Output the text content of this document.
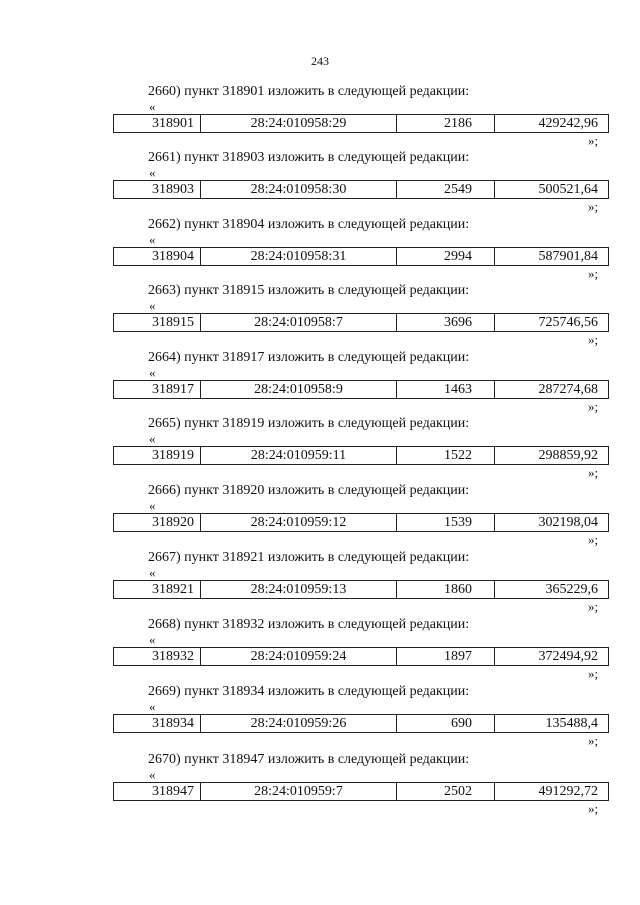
243
2660) пункт 318901 изложить в следующей редакции:
«
318901	28:24:010958:29	2186	429242,96
»;
2661) пункт 318903 изложить в следующей редакции:
«
318903	28:24:010958:30	2549	500521,64
»;
2662) пункт 318904 изложить в следующей редакции:
«
318904	28:24:010958:31	2994	587901,84
»;
2663) пункт 318915 изложить в следующей редакции:
«
318915	28:24:010958:7	3696	725746,56
»;
2664) пункт 318917 изложить в следующей редакции:
«
318917	28:24:010958:9	1463	287274,68
»;
2665) пункт 318919 изложить в следующей редакции:
«
318919	28:24:010959:11	1522	298859,92
»;
2666) пункт 318920 изложить в следующей редакции:
«
318920	28:24:010959:12	1539	302198,04
»;
2667) пункт 318921 изложить в следующей редакции:
«
318921	28:24:010959:13	1860	365229,6
»;
2668) пункт 318932 изложить в следующей редакции:
«
318932	28:24:010959:24	1897	372494,92
»;
2669) пункт 318934 изложить в следующей редакции:
«
318934	28:24:010959:26	690	135488,4
»;
2670) пункт 318947 изложить в следующей редакции:
«
318947	28:24:010959:7	2502	491292,72
»;
